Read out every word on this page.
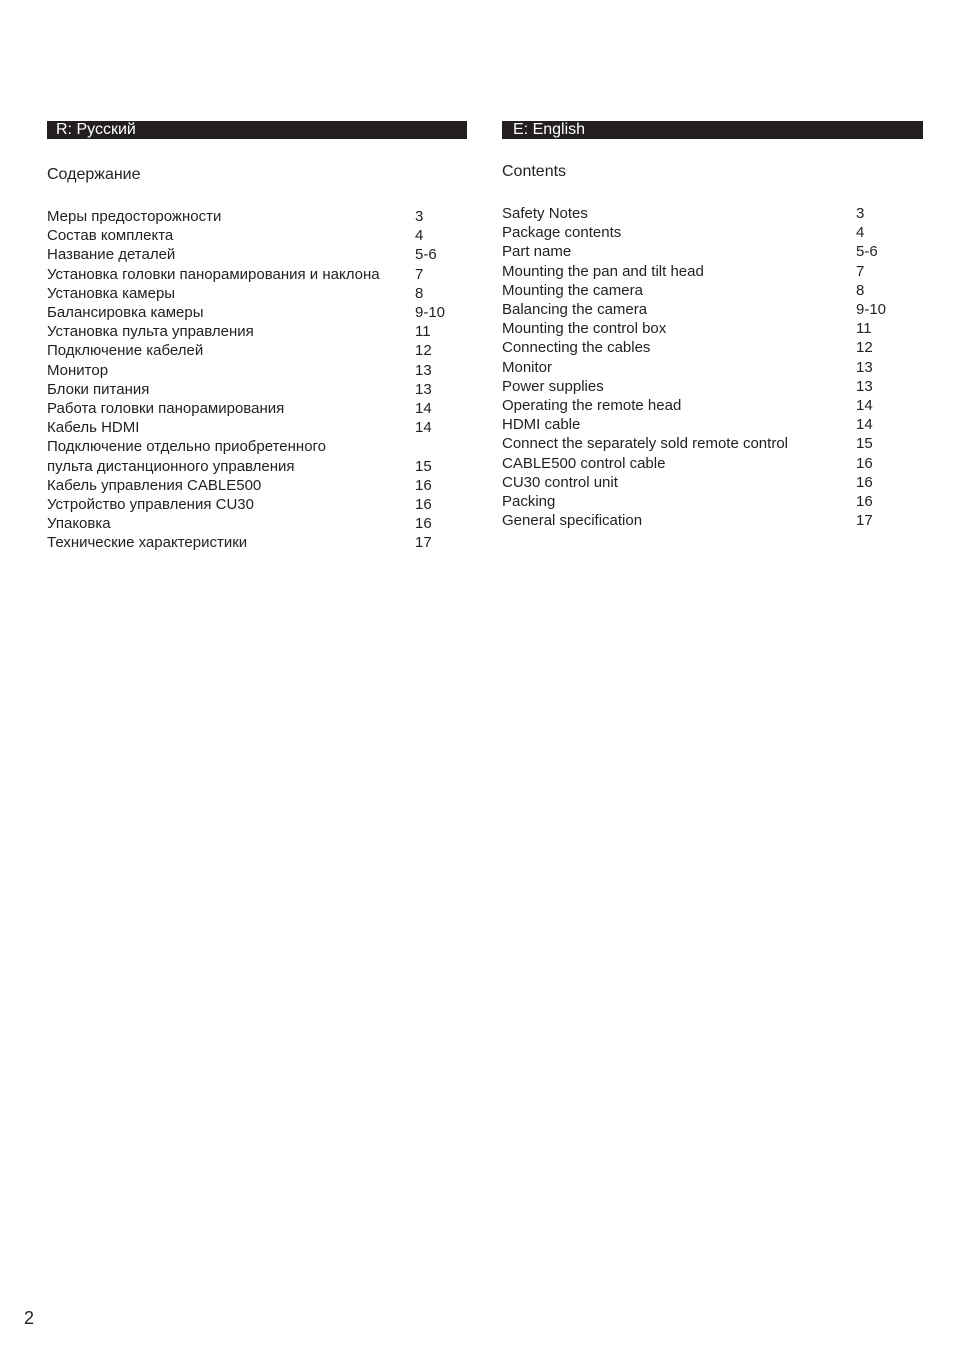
R: Русский
Содержание
Меры предосторожности	3
Состав комплекта	4
Название деталей	5-6
Установка головки панорамирования и наклона	7
Установка камеры	8
Балансировка камеры	9-10
Установка пульта управления	11
Подключение кабелей	12
Монитор	13
Блоки питания	13
Работа головки панорамирования	14
Кабель HDMI	14
Подключение отдельно приобретенного
пульта дистанционного управления	15
Кабель управления CABLE500	16
Устройство управления CU30	16
Упаковка	16
Технические характеристики	17
E: English
Contents
Safety Notes	3
Package contents	4
Part name	5-6
Mounting the pan and tilt head	7
Mounting the camera	8
Balancing the camera	9-10
Mounting the control box	11
Connecting the cables	12
Monitor	13
Power supplies	13
Operating the remote head	14
HDMI cable	14
Connect the separately sold remote control	15
CABLE500 control cable	16
CU30 control unit	16
Packing	16
General specification	17
2
